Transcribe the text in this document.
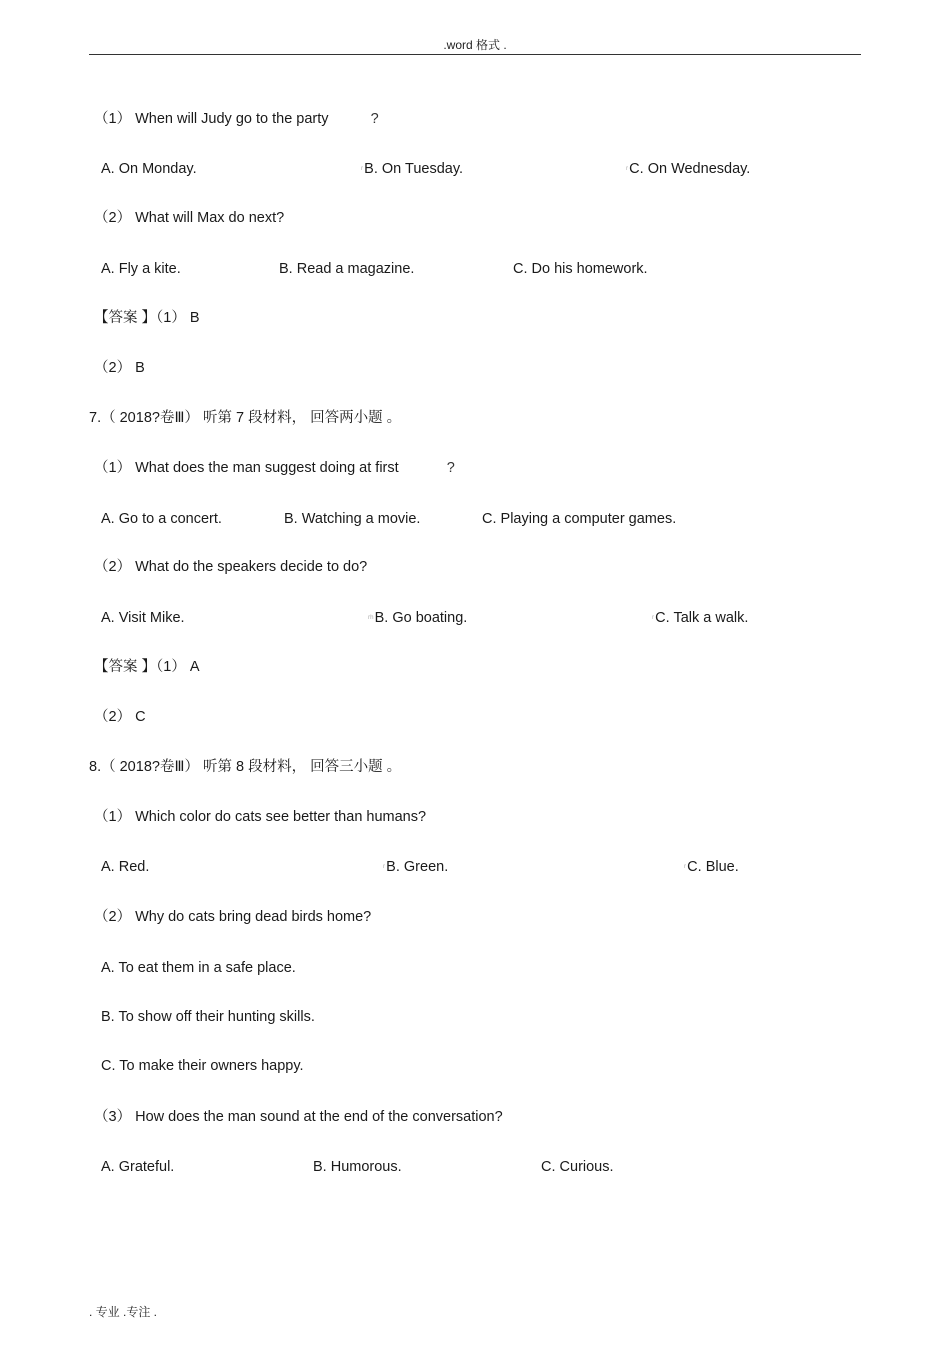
.word 格式 .
（1） When will Judy go to the party	?
A. On Monday.	$^ʳ$B. On Tuesday.	$^ʳ$C. On Wednesday.
（2） What will Max do next?
A. Fly a kite.	B. Read a magazine.	C. Do his homework.
【答案 】（1） B
（2） B
7.（ 2018?卷Ⅲ） 听第 7 段材料， 回答两小题 。
（1） What does the man suggest doing at first	?
A. Go to a concert.	B. Watching a movie.	C. Playing a computer games.
（2） What do the speakers decide to do?
A. Visit Mike.	$^{ʳʰ}$B. Go boating.	$^ʳ$C. Talk a walk.
【答案 】（1） A
（2） C
8.（ 2018?卷Ⅲ） 听第 8 段材料， 回答三小题 。
（1） Which color do cats see better than humans?
A. Red.	$^ʳ$B. Green.	$^ʳ$C. Blue.
（2） Why do cats bring dead birds home?
A. To eat them in a safe place.
B. To show off their hunting skills.
C. To make their owners happy.
（3） How does the man sound at the end of the conversation?
A. Grateful.	B. Humorous.	C. Curious.
. 专业 .专注 .
